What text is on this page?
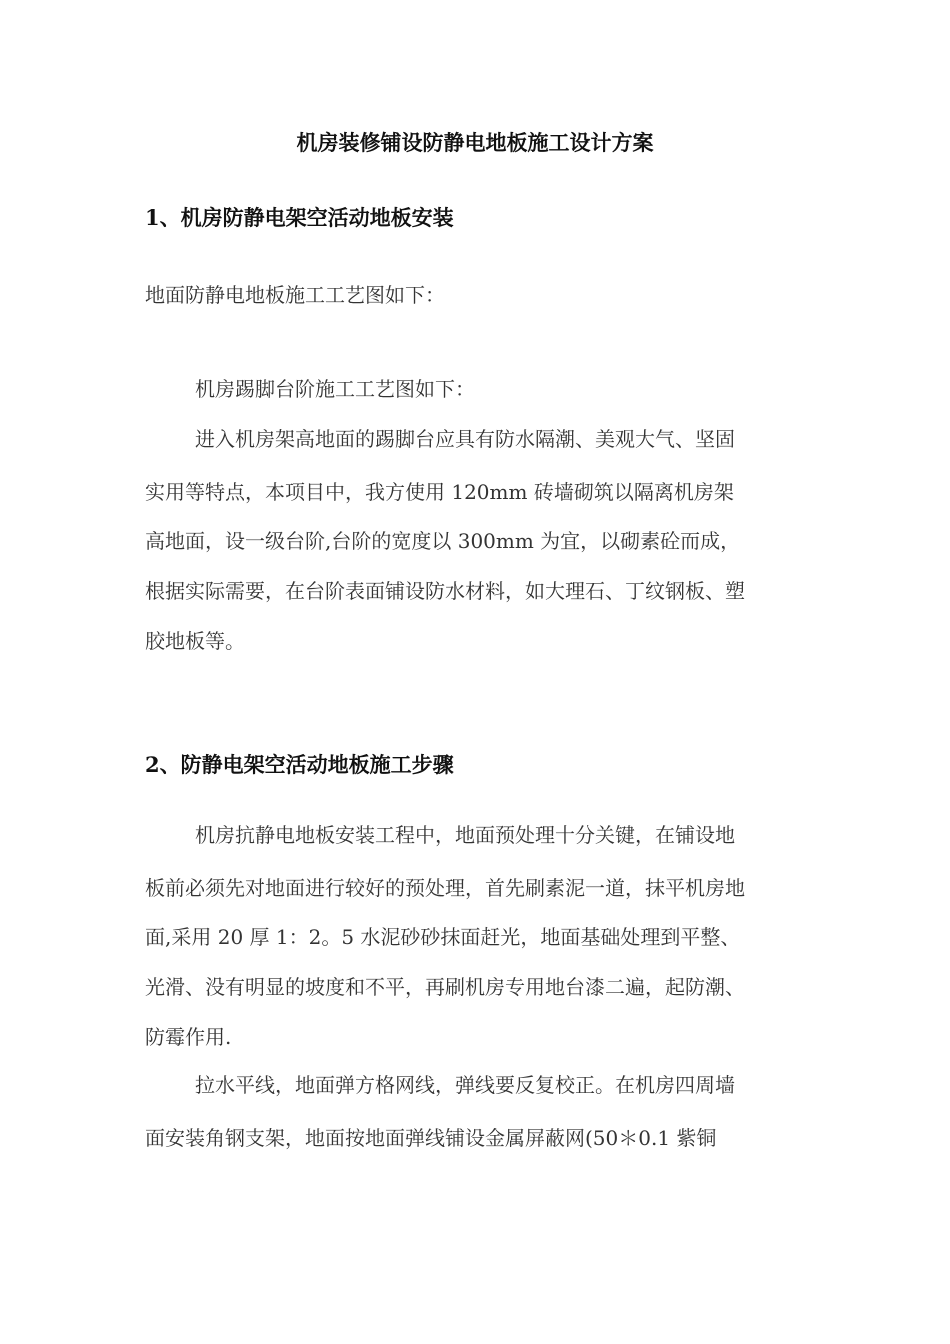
机房装修铺设防静电地板施工设计方案
1、机房防静电架空活动地板安装
地面防静电地板施工工艺图如下：
机房踢脚台阶施工工艺图如下：
进入机房架高地面的踢脚台应具有防水隔潮、美观大气、坚固
实用等特点，本项目中，我方使用 120mm 砖墙砌筑以隔离机房架
高地面，设一级台阶,台阶的宽度以 300mm 为宜，以砌素砼而成，
根据实际需要，在台阶表面铺设防水材料，如大理石、丁纹钢板、塑
胶地板等。
2、防静电架空活动地板施工步骤
机房抗静电地板安装工程中，地面预处理十分关键，在铺设地
板前必须先对地面进行较好的预处理，首先刷素泥一道，抹平机房地
面,采用 20 厚 1：2。5 水泥砂砂抹面赶光，地面基础处理到平整、
光滑、没有明显的坡度和不平，再刷机房专用地台漆二遍，起防潮、
防霉作用.
拉水平线，地面弹方格网线，弹线要反复校正。在机房四周墙
面安装角钢支架，地面按地面弹线铺设金属屏蔽网(50＊0.1 紫铜
